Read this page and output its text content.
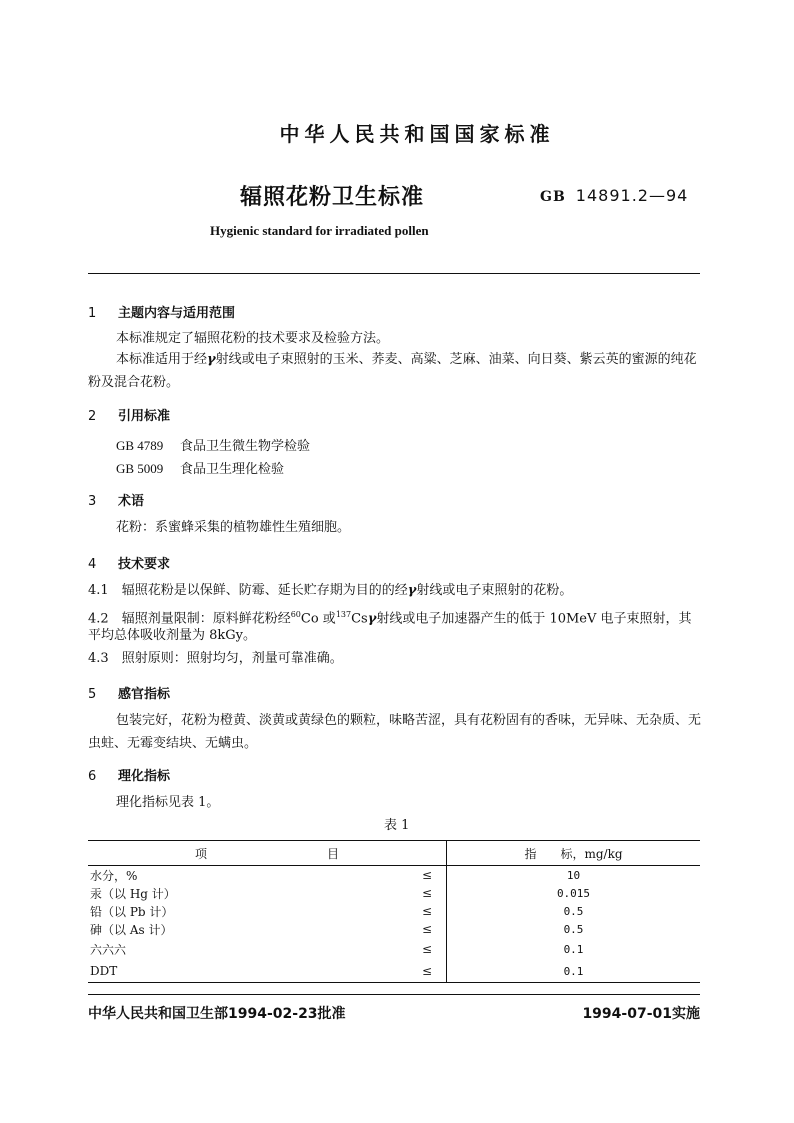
中华人民共和国国家标准
辐照花粉卫生标准	GB 14891.2—94
Hygienic standard for irradiated pollen
1 主题内容与适用范围
本标准规定了辐照花粉的技术要求及检验方法。
本标准适用于经γ射线或电子束照射的玉米、荞麦、高粱、芝麻、油菜、向日葵、紫云英的蜜源的纯花
粉及混合花粉。
2 引用标准
GB 4789 食品卫生微生物学检验
GB 5009 食品卫生理化检验
3 术语
花粉：系蜜蜂采集的植物雄性生殖细胞。
4 技术要求
4.1　 辐照花粉是以保鲜、防霉、延长贮存期为目的的经γ射线或电子束照射的花粉。
4.2　 辐照剂量限制：原料鲜花粉经$^{60}$Co 或$^{137}$Csγ射线或电子加速器产生的低于 10MeV 电子束照射，其
平均总体吸收剂量为 8kGy。
4.3　 照射原则：照射均匀，剂量可靠准确。
5 感官指标
包装完好，花粉为橙黄、淡黄或黄绿色的颗粒，味略苦涩，具有花粉固有的香味，无异味、无杂质、无
虫蛀、无霉变结块、无螨虫。
6 理化指标
理化指标见表 1。
表 1
项　　　　　　　　　　目		指　　标，mg/kg
水分，%	≤	10
汞（以 Hg 计）	≤	0.015
铅（以 Pb 计）	≤	0.5
砷（以 As 计）	≤	0.5
六六六	≤	0.1
DDT	≤	0.1
中华人民共和国卫生部1994-02-23批准	1994-07-01实施
